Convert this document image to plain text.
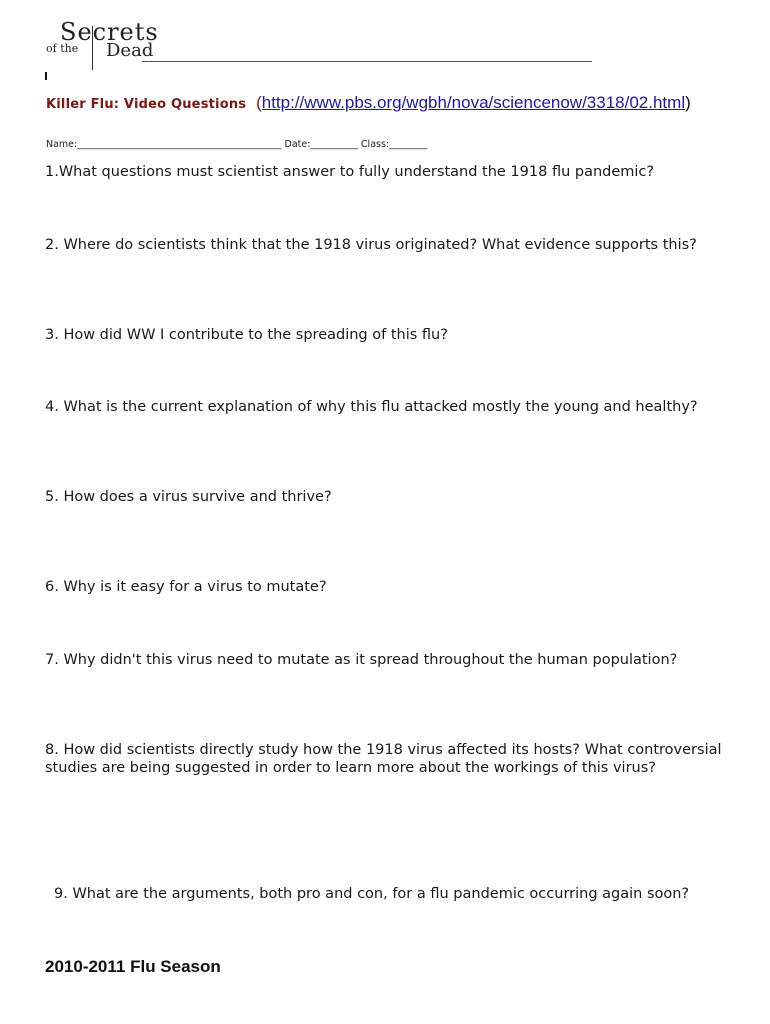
Secrets
of the Dead
Killer Flu: Video Questions  (http://www.pbs.org/wgbh/nova/sciencenow/3318/02.html)
Name:___________________________________________ Date:__________ Class:________
1.What questions must scientist answer to fully understand the 1918 flu pandemic?
2. Where do scientists think that the 1918 virus originated? What evidence supports this?
3. How did WW I contribute to the spreading of this flu?
4. What is the current explanation of why this flu attacked mostly the young and healthy?
5. How does a virus survive and thrive?
6. Why is it easy for a virus to mutate?
7. Why didn't this virus need to mutate as it spread throughout the human population?
8. How did scientists directly study how the 1918 virus affected its hosts? What controversial studies are being suggested in order to learn more about the workings of this virus?
9. What are the arguments, both pro and con, for a flu pandemic occurring again soon?
2010-2011 Flu Season
